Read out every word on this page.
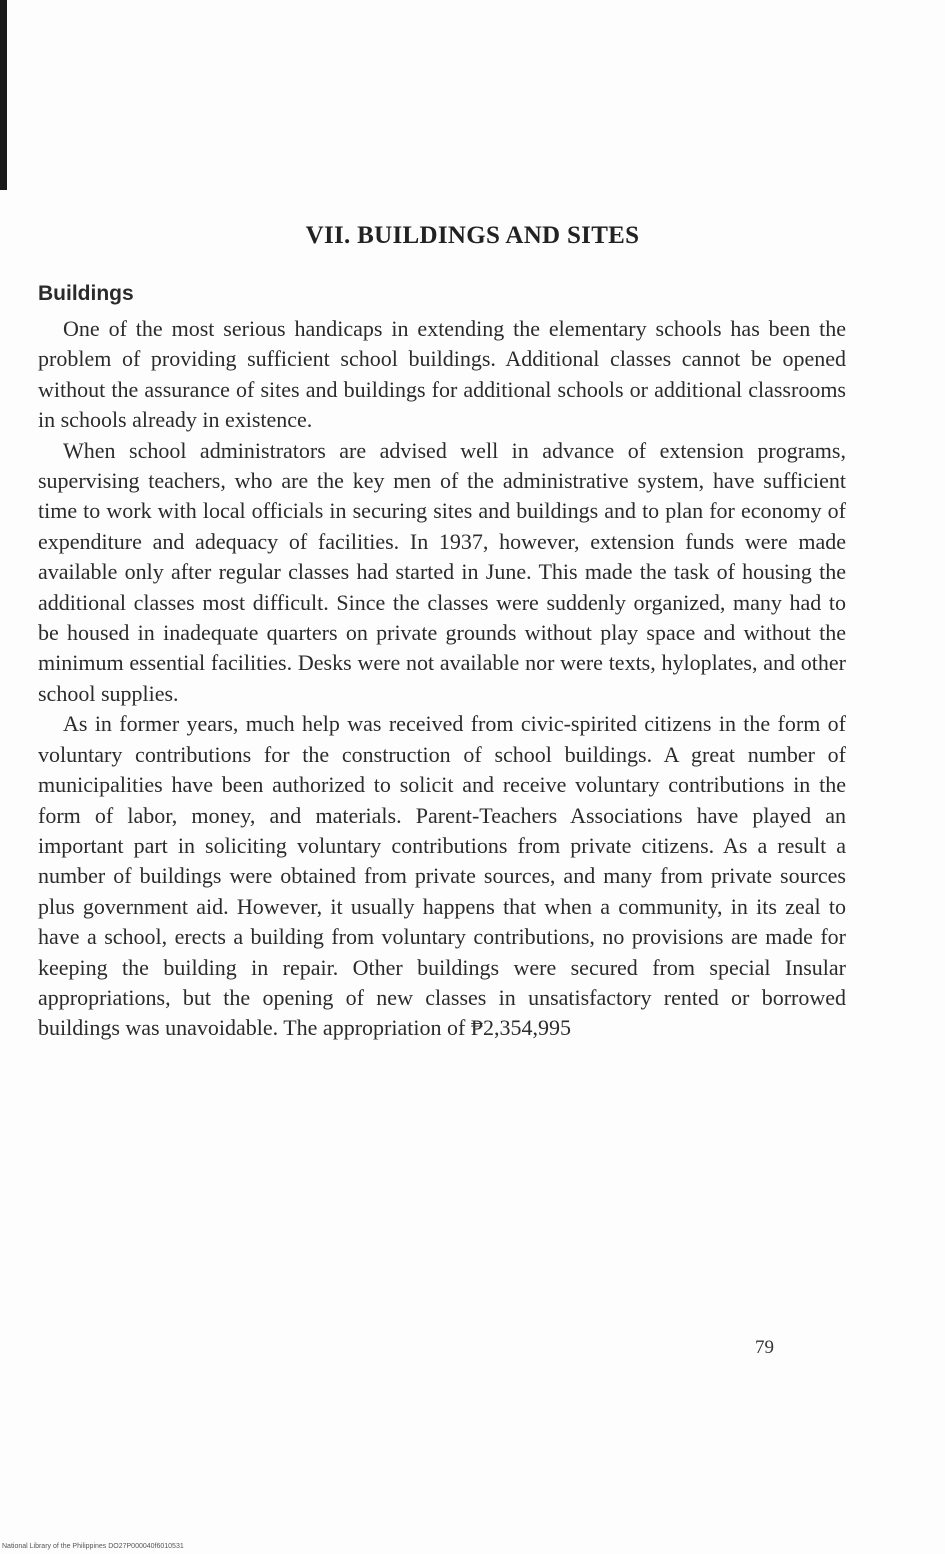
VII. BUILDINGS AND SITES
Buildings

One of the most serious handicaps in extending the elementary schools has been the problem of providing sufficient school buildings. Additional classes cannot be opened without the assurance of sites and buildings for additional schools or additional classrooms in schools already in existence.

When school administrators are advised well in advance of extension programs, supervising teachers, who are the key men of the administrative system, have sufficient time to work with local officials in securing sites and buildings and to plan for economy of expenditure and adequacy of facilities. In 1937, however, extension funds were made available only after regular classes had started in June. This made the task of housing the additional classes most difficult. Since the classes were suddenly organized, many had to be housed in inadequate quarters on private grounds without play space and without the minimum essential facilities. Desks were not available nor were texts, hyloplates, and other school supplies.

As in former years, much help was received from civic-spirited citizens in the form of voluntary contributions for the construction of school buildings. A great number of municipalities have been authorized to solicit and receive voluntary contributions in the form of labor, money, and materials. Parent-Teachers Associations have played an important part in soliciting voluntary contributions from private citizens. As a result a number of buildings were obtained from private sources, and many from private sources plus government aid. However, it usually happens that when a community, in its zeal to have a school, erects a building from voluntary contributions, no provisions are made for keeping the building in repair. Other buildings were secured from special Insular appropriations, but the opening of new classes in unsatisfactory rented or borrowed buildings was unavoidable. The appropriation of ₱2,354,995

79

National Library of the Philippines DO27P000040f6010531
